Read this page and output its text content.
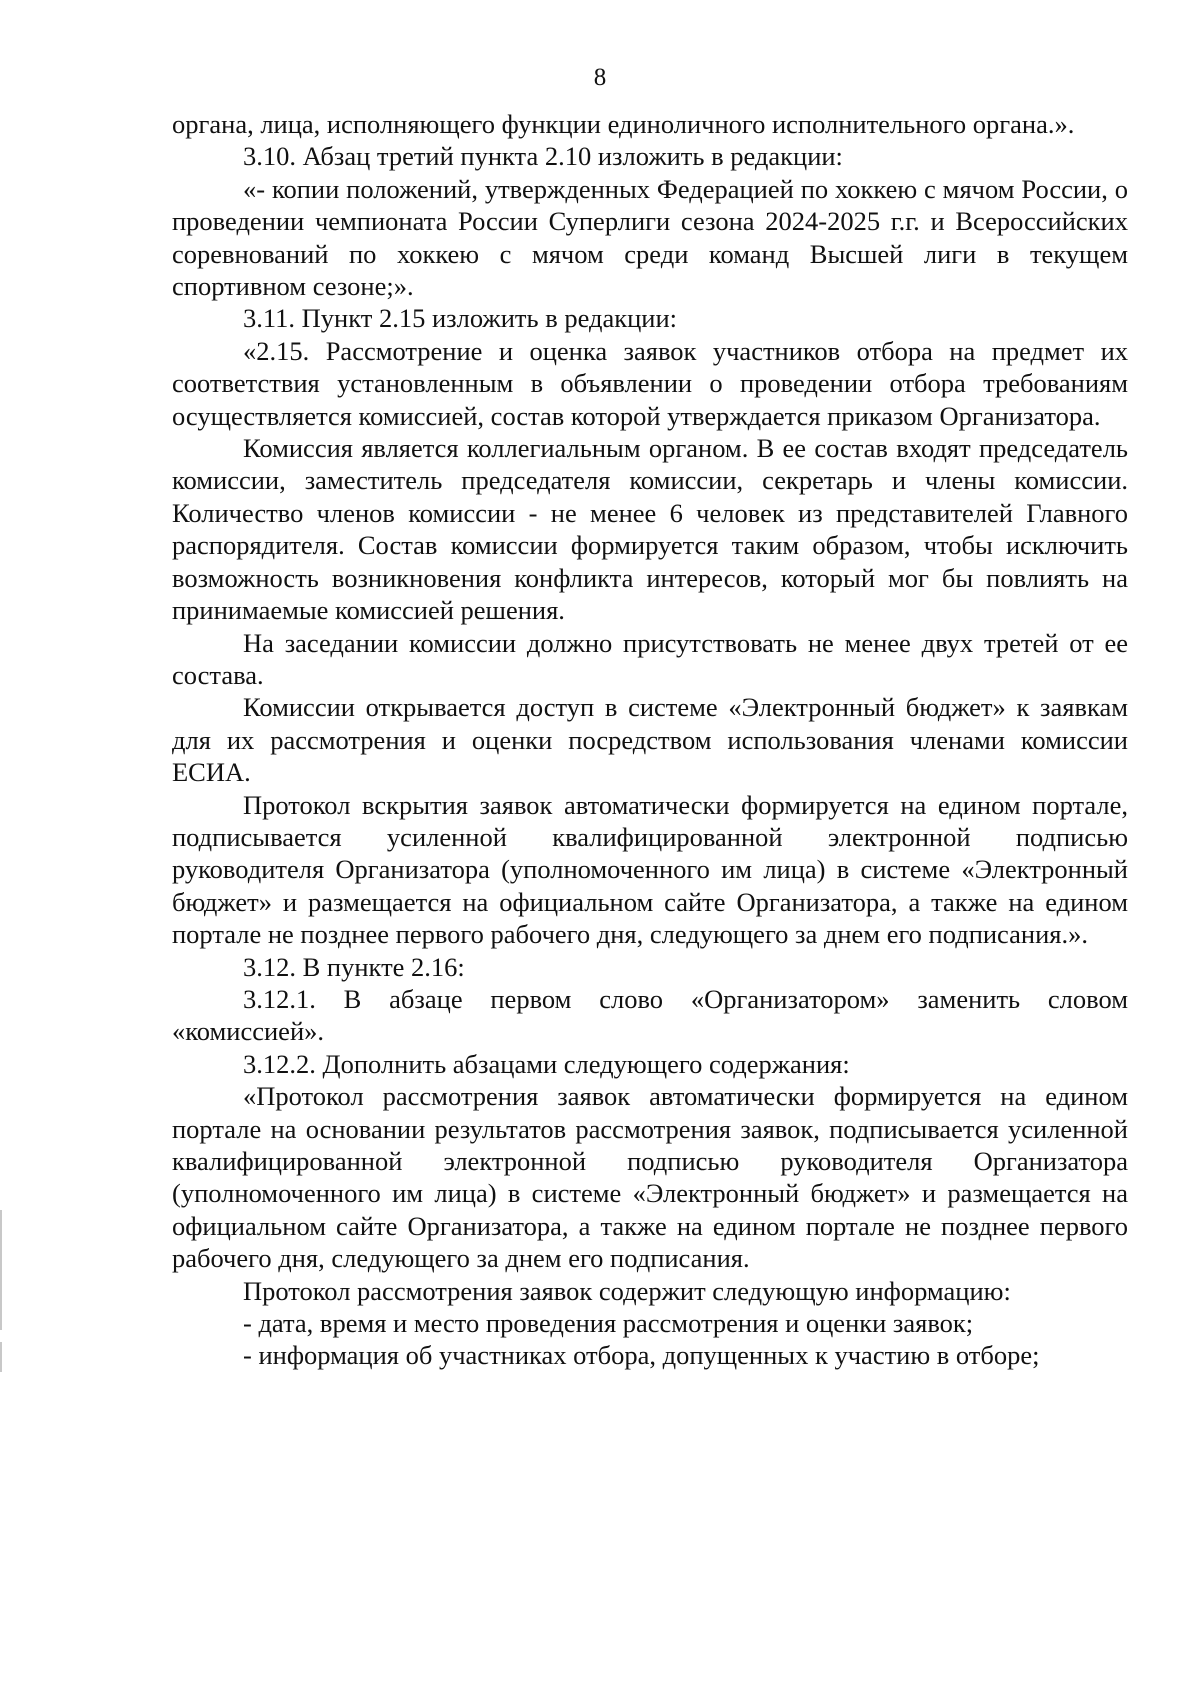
8

органа, лица, исполняющего функции единоличного исполнительного органа.».

3.10. Абзац третий пункта 2.10 изложить в редакции:

«- копии положений, утвержденных Федерацией по хоккею с мячом России, о проведении чемпионата России Суперлиги сезона 2024-2025 г.г. и Всероссийских соревнований по хоккею с мячом среди команд Высшей лиги в текущем спортивном сезоне;».

3.11. Пункт 2.15 изложить в редакции:

«2.15. Рассмотрение и оценка заявок участников отбора на предмет их соответствия установленным в объявлении о проведении отбора требованиям осуществляется комиссией, состав которой утверждается приказом Организатора.

Комиссия является коллегиальным органом. В ее состав входят председатель комиссии, заместитель председателя комиссии, секретарь и члены комиссии. Количество членов комиссии - не менее 6 человек из представителей Главного распорядителя. Состав комиссии формируется таким образом, чтобы исключить возможность возникновения конфликта интересов, который мог бы повлиять на принимаемые комиссией решения.

На заседании комиссии должно присутствовать не менее двух третей от ее состава.

Комиссии открывается доступ в системе «Электронный бюджет» к заявкам для их рассмотрения и оценки посредством использования членами комиссии ЕСИА.

Протокол вскрытия заявок автоматически формируется на едином портале, подписывается усиленной квалифицированной электронной подписью руководителя Организатора (уполномоченного им лица) в системе «Электронный бюджет» и размещается на официальном сайте Организатора, а также на едином портале не позднее первого рабочего дня, следующего за днем его подписания.».

3.12. В пункте 2.16:

3.12.1. В абзаце первом слово «Организатором» заменить словом «комиссией».

3.12.2. Дополнить абзацами следующего содержания:

«Протокол рассмотрения заявок автоматически формируется на едином портале на основании результатов рассмотрения заявок, подписывается усиленной квалифицированной электронной подписью руководителя Организатора (уполномоченного им лица) в системе «Электронный бюджет» и размещается на официальном сайте Организатора, а также на едином портале не позднее первого рабочего дня, следующего за днем его подписания.

Протокол рассмотрения заявок содержит следующую информацию:

- дата, время и место проведения рассмотрения и оценки заявок;

- информация об участниках отбора, допущенных к участию в отборе;
